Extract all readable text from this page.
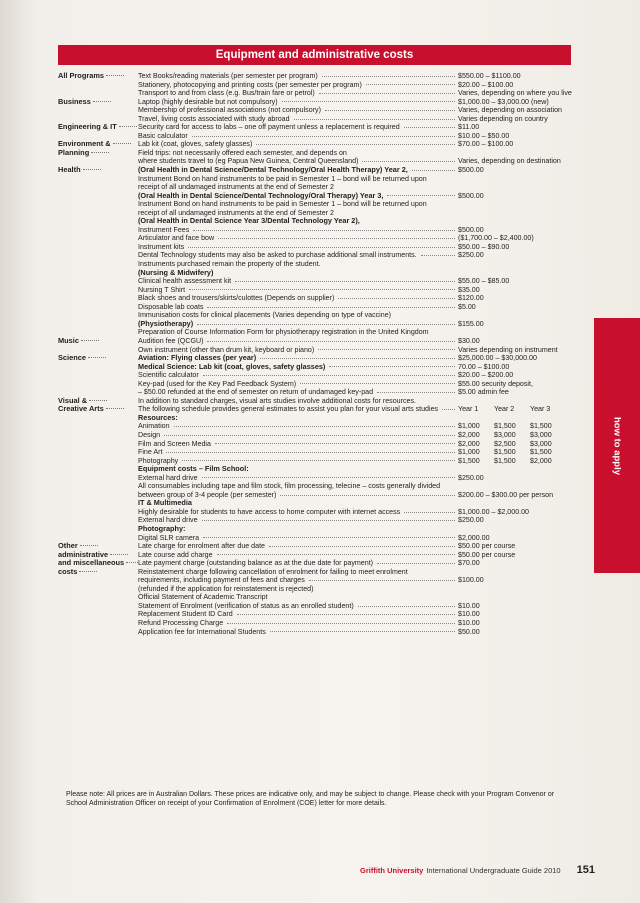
Equipment and administrative costs
All Programs	Text Books/reading materials (per semester per program)	$550.00 – $1100.00
Stationery, photocopying and printing costs (per semester per program)	$20.00 – $100.00
Transport to and from class (e.g. Bus/train fare or petrol)	Varies, depending on where you live
Business	Laptop (highly desirable but not compulsory)	$1,000.00 – $3,000.00 (new)
Membership of professional associations (not compulsory)	Varies, depending on association
Travel, living costs associated with study abroad	Varies depending on country
Engineering & IT	Security card for access to labs – one off payment unless a replacement is required	$11.00
Basic calculator	$10.00 – $50.00
Environment &	Lab kit (coat, gloves, safety glasses)	$70.00 – $100.00
Planning	Field trips: not necessarily offered each semester, and depends on
where students travel to (eg Papua New Guinea, Central Queensland)	Varies, depending on destination
Health	(Oral Health in Dental Science/Dental Technology/Oral Health Therapy) Year 2,	$500.00
Instrument Bond on hand instruments to be paid in Semester 1 – bond will be returned upon
receipt of all undamaged instruments at the end of Semester 2
(Oral Health in Dental Science/Dental Technology/Oral Therapy) Year 3,	$500.00
Instrument Bond on hand instruments to be paid in Semester 1 – bond will be returned upon
receipt of all undamaged instruments at the end of Semester 2
(Oral Health in Dental Science Year 3/Dental Technology Year 2),
Instrument Fees	$500.00
Articulator and face bow	($1,700.00 – $2,400.00)
Instrument kits	$50.00 – $90.00
Dental Technology students may also be asked to purchase additional small instruments.	$250.00
Instruments purchased remain the property of the student.
(Nursing & Midwifery)
Clinical health assessment kit	$55.00 – $85.00
Nursing T Shirt	$35.00
Black shoes and trousers/skirts/culottes (Depends on supplier)	$120.00
Disposable lab coats	$5.00
Immunisation costs for clinical placements (Varies depending on type of vaccine)
(Physiotherapy)	$155.00
Preparation of Course Information Form for physiotherapy registration in the United Kingdom
Music	Audition fee (QCGU)	$30.00
Own instrument (other than drum kit, keyboard or piano)	Varies depending on instrument
Science	Aviation: Flying classes (per year)	$25,000.00 – $30,000.00
Medical Science: Lab kit (coat, gloves, safety glasses)	70.00 – $100.00
Scientific calculator	$20.00 – $200.00
Key-pad (used for the Key Pad Feedback System)	$55.00 security deposit,
– $50.00 refunded at the end of semester on return of undamaged key-pad	$5.00 admin fee
Visual &	In addition to standard charges, visual arts studies involve additional costs for resources.
Creative Arts	The following schedule provides general estimates to assist you plan for your visual arts studies	Year 1	Year 2	Year 3
Resources:
Animation	$1,000	$1,500	$1,500
Design	$2,000	$3,000	$3,000
Film and Screen Media	$2,000	$2,500	$3,000
Fine Art	$1,000	$1,500	$1,500
Photography	$1,500	$1,500	$2,000
Equipment costs – Film School:
External hard drive	$250.00
All consumables including tape and film stock, film processing, telecine – costs generally divided
between group of 3-4 people (per semester)	$200.00 – $300.00 per person
IT & Multimedia
Highly desirable for students to have access to home computer with internet access	$1,000.00 – $2,000.00
External hard drive	$250.00
Photography:
Digital SLR camera	$2,000.00
Other	Late charge for enrolment after due date	$50.00 per course
administrative	Late course add charge	$50.00 per course
and miscellaneous	Late payment charge (outstanding balance as at the due date for payment)	$70.00
costs	Reinstatement charge following cancellation of enrolment for failing to meet enrolment
requirements, including payment of fees and charges	$100.00
(refunded if the application for reinstatement is rejected)
Official Statement of Academic Transcript
Statement of Enrolment (verification of status as an enrolled student)	$10.00
Replacement Student ID Card	$10.00
Refund Processing Charge	$10.00
Application fee for International Students	$50.00
Please note: All prices are in Australian Dollars. These prices are indicative only, and may be subject to change. Please check with your Program Convenor or School Administration Officer on receipt of your Confirmation of Enrolment (COE) letter for more details.
how to apply
Griffith University International Undergraduate Guide 2010 151
